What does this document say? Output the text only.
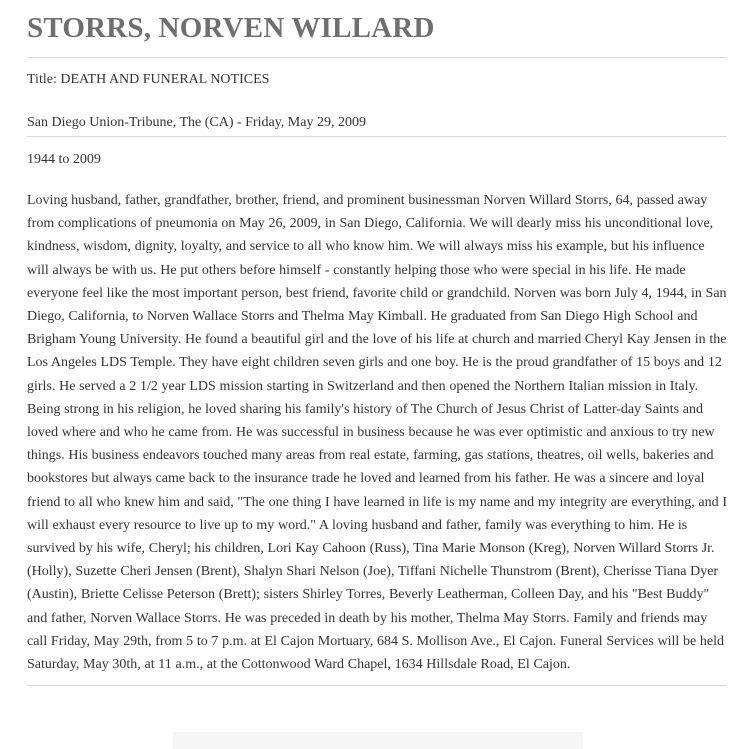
STORRS, NORVEN WILLARD
Title: DEATH AND FUNERAL NOTICES
San Diego Union-Tribune, The (CA) - Friday, May 29, 2009
1944 to 2009
Loving husband, father, grandfather, brother, friend, and prominent businessman Norven Willard Storrs, 64, passed away from complications of pneumonia on May 26, 2009, in San Diego, California. We will dearly miss his unconditional love, kindness, wisdom, dignity, loyalty, and service to all who know him. We will always miss his example, but his influence will always be with us. He put others before himself - constantly helping those who were special in his life. He made everyone feel like the most important person, best friend, favorite child or grandchild. Norven was born July 4, 1944, in San Diego, California, to Norven Wallace Storrs and Thelma May Kimball. He graduated from San Diego High School and Brigham Young University. He found a beautiful girl and the love of his life at church and married Cheryl Kay Jensen in the Los Angeles LDS Temple. They have eight children seven girls and one boy. He is the proud grandfather of 15 boys and 12 girls. He served a 2 1/2 year LDS mission starting in Switzerland and then opened the Northern Italian mission in Italy. Being strong in his religion, he loved sharing his family's history of The Church of Jesus Christ of Latter-day Saints and loved where and who he came from. He was successful in business because he was ever optimistic and anxious to try new things. His business endeavors touched many areas from real estate, farming, gas stations, theatres, oil wells, bakeries and bookstores but always came back to the insurance trade he loved and learned from his father. He was a sincere and loyal friend to all who knew him and said, "The one thing I have learned in life is my name and my integrity are everything, and I will exhaust every resource to live up to my word." A loving husband and father, family was everything to him. He is survived by his wife, Cheryl; his children, Lori Kay Cahoon (Russ), Tina Marie Monson (Kreg), Norven Willard Storrs Jr. (Holly), Suzette Cheri Jensen (Brent), Shalyn Shari Nelson (Joe), Tiffani Nichelle Thunstrom (Brent), Cherisse Tiana Dyer (Austin), Briette Celisse Peterson (Brett); sisters Shirley Torres, Beverly Leatherman, Colleen Day, and his "Best Buddy" and father, Norven Wallace Storrs. He was preceded in death by his mother, Thelma May Storrs. Family and friends may call Friday, May 29th, from 5 to 7 p.m. at El Cajon Mortuary, 684 S. Mollison Ave., El Cajon. Funeral Services will be held Saturday, May 30th, at 11 a.m., at the Cottonwood Ward Chapel, 1634 Hillsdale Road, El Cajon.
